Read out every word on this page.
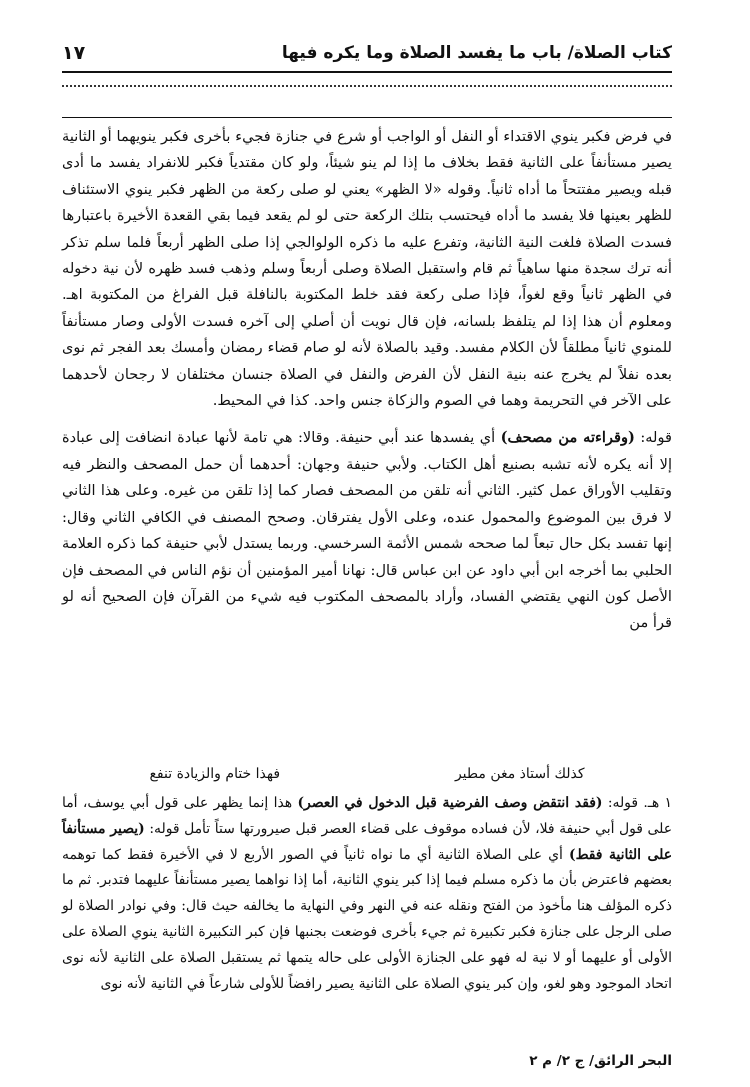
كتاب الصلاة/ باب ما يفسد الصلاة وما يكره فيها
١٧

في فرض فكبر ينوي الاقتداء أو النفل أو الواجب أو شرع في جنازة فجيء بأخرى فكبر ينويهما أو الثانية يصير مستأنفاً على الثانية فقط بخلاف ما إذا لم ينو شيئاً، ولو كان مقتدياً فكبر للانفراد يفسد ما أدى قبله ويصير مفتتحاً ما أداه ثانياً. وقوله «لا الظهر» يعني لو صلى ركعة من الظهر فكبر ينوي الاستئناف للظهر بعينها فلا يفسد ما أداه فيحتسب بتلك الركعة حتى لو لم يقعد فيما بقي القعدة الأخيرة باعتبارها فسدت الصلاة فلغت النية الثانية، وتفرع عليه ما ذكره الولوالجي إذا صلى الظهر أربعاً فلما سلم تذكر أنه ترك سجدة منها ساهياً ثم قام واستقبل الصلاة وصلى أربعاً وسلم وذهب فسد ظهره لأن نية دخوله في الظهر ثانياً وقع لغواً، فإذا صلى ركعة فقد خلط المكتوبة بالنافلة قبل الفراغ من المكتوبة اهـ. ومعلوم أن هذا إذا لم يتلفظ بلسانه، فإن قال نويت أن أصلي إلى آخره فسدت الأولى وصار مستأنفاً للمنوي ثانياً مطلقاً لأن الكلام مفسد. وقيد بالصلاة لأنه لو صام قضاء رمضان وأمسك بعد الفجر ثم نوى بعده نفلاً لم يخرج عنه بنية النفل لأن الفرض والنفل في الصلاة جنسان مختلفان لا رجحان لأحدهما على الآخر في التحريمة وهما في الصوم والزكاة جنس واحد. كذا في المحيط.

قوله: (وقراءته من مصحف) أي يفسدها عند أبي حنيفة. وقالا: هي تامة لأنها عبادة انضافت إلى عبادة إلا أنه يكره لأنه تشبه بصنيع أهل الكتاب. ولأبي حنيفة وجهان: أحدهما أن حمل المصحف والنظر فيه وتقليب الأوراق عمل كثير. الثاني أنه تلقن من المصحف فصار كما إذا تلقن من غيره. وعلى هذا الثاني لا فرق بين الموضوع والمحمول عنده، وعلى الأول يفترقان. وصحح المصنف في الكافي الثاني وقال: إنها تفسد بكل حال تبعاً لما صححه شمس الأئمة السرخسي. وربما يستدل لأبي حنيفة كما ذكره العلامة الحلبي بما أخرجه ابن أبي داود عن ابن عباس قال: نهانا أمير المؤمنين أن نؤم الناس في المصحف فإن الأصل كون النهي يقتضي الفساد، وأراد بالمصحف المكتوب فيه شيء من القرآن فإن الصحيح أنه لو قرأ من

كذلك أستاذ مغن مطير
فهذا ختام والزيادة تنفع

١ هـ. قوله: (فقد انتقض وصف الفرضية قبل الدخول في العصر) هذا إنما يظهر على قول أبي يوسف، أما على قول أبي حنيفة فلا، لأن فساده موقوف على قضاء العصر قبل صيرورتها ستاً تأمل قوله: (يصير مستأنفاً على الثانية فقط) أي على الصلاة الثانية أي ما نواه ثانياً في الصور الأربع لا في الأخيرة فقط كما توهمه بعضهم فاعترض بأن ما ذكره مسلم فيما إذا كبر ينوي الثانية، أما إذا نواهما يصير مستأنفاً عليهما فتدبر. ثم ما ذكره المؤلف هنا مأخوذ من الفتح ونقله عنه في النهر وفي النهاية ما يخالفه حيث قال: وفي نوادر الصلاة لو صلى الرجل على جنازة فكبر تكبيرة ثم جيء بأخرى فوضعت بجنبها فإن كبر التكبيرة الثانية ينوي الصلاة على الأولى أو عليهما أو لا نية له فهو على الجنازة الأولى على حاله يتمها ثم يستقبل الصلاة على الثانية لأنه نوى اتحاد الموجود وهو لغو، وإن كبر ينوي الصلاة على الثانية يصير رافضاً للأولى شارعاً في الثانية لأنه نوى

البحر الرائق/ ج ٢/ م ٢
